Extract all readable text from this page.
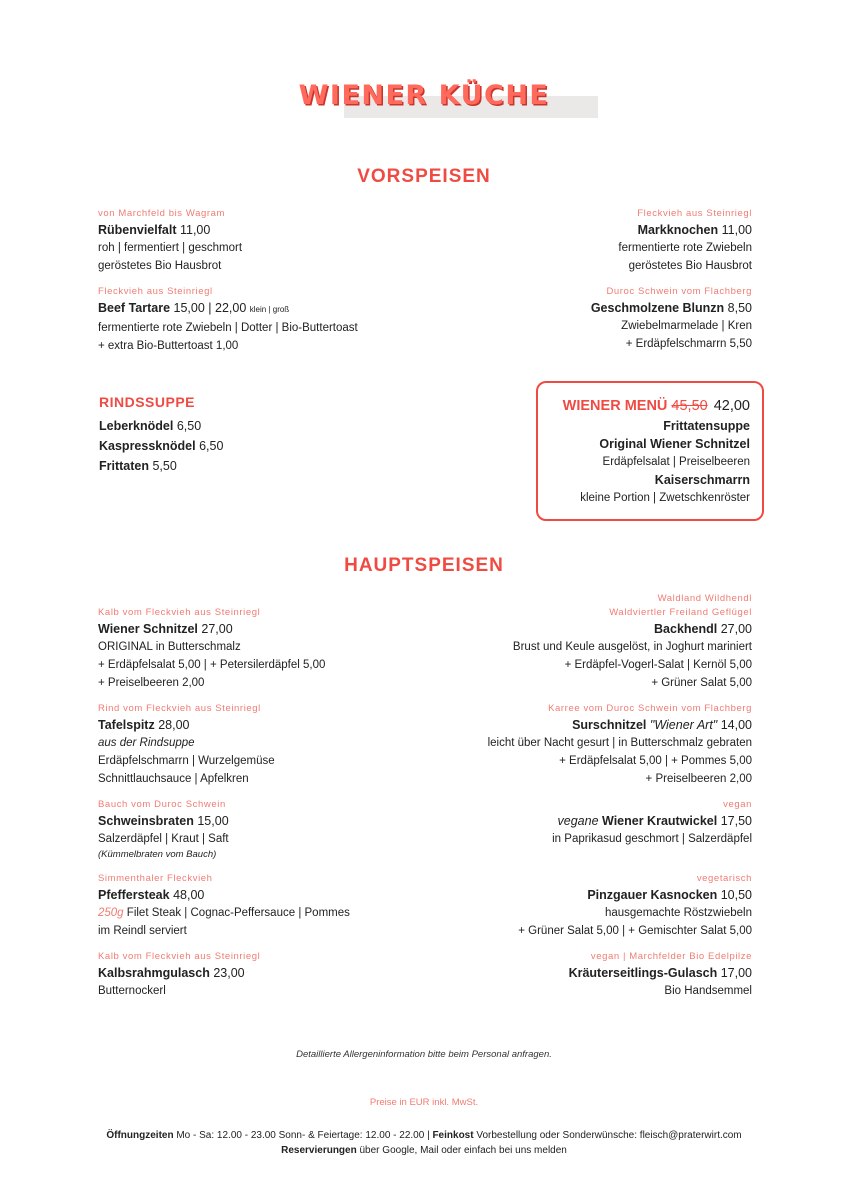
WIENER KÜCHE
VORSPEISEN
von Marchfeld bis Wagram
Rübenvielfalt 11,00
roh | fermentiert | geschmort
geröstetes Bio Hausbrot
Fleckvieh aus Steinriegl
Markknochen 11,00
fermentierte rote Zwiebeln
geröstetes Bio Hausbrot
Fleckvieh aus Steinriegl
Beef Tartare 15,00 | 22,00 klein | groß
fermentierte rote Zwiebeln | Dotter | Bio-Buttertoast
+ extra Bio-Buttertoast 1,00
Duroc Schwein vom Flachberg
Geschmolzene Blunzn 8,50
Zwiebelmarmelade | Kren
+ Erdäpfelschmarrn 5,50
RINDSSUPPE
Leberknödel 6,50
Kaspressknödel 6,50
Frittaten 5,50
WIENER MENÜ 45,50 42,00
Frittatensuppe
Original Wiener Schnitzel
Erdäpfelsalat | Preiselbeeren
Kaiserschmarrn
kleine Portion | Zwetschkenröster
HAUPTSPEISEN
Kalb vom Fleckvieh aus Steinriegl
Wiener Schnitzel 27,00
ORIGINAL in Butterschmalz
+ Erdäpfelsalat 5,00 | + Petersilerdäpfel 5,00
+ Preiselbeeren 2,00
Waldland Wildhendl
Waldviertler Freiland Geflügel
Backhendl 27,00
Brust und Keule ausgelöst, in Joghurt mariniert
+ Erdäpfel-Vogerl-Salat | Kernöl 5,00
+ Grüner Salat 5,00
Rind vom Fleckvieh aus Steinriegl
Tafelspitz 28,00
aus der Rindsuppe
Erdäpfelschmarrn | Wurzelgemüse
Schnittlauchsauce | Apfelkren
Karree vom Duroc Schwein vom Flachberg
Surschnitzel "Wiener Art" 14,00
leicht über Nacht gesurt | in Butterschmalz gebraten
+ Erdäpfelsalat 5,00 | + Pommes 5,00
+ Preiselbeeren 2,00
Bauch vom Duroc Schwein
Schweinsbraten 15,00
Salzerdäpfel | Kraut | Saft
(Kümmelbraten vom Bauch)
vegan
vegane Wiener Krautwickel 17,50
in Paprikasud geschmort | Salzerdäpfel
Simmenthaler Fleckvieh
Pfeffersteak 48,00
250g Filet Steak | Cognac-Peffersauce | Pommes
im Reindl serviert
vegetarisch
Pinzgauer Kasnocken 10,50
hausgemachte Röstzwiebeln
+ Grüner Salat 5,00 | + Gemischter Salat 5,00
Kalb vom Fleckvieh aus Steinriegl
Kalbsrahmgulasch 23,00
Butternockerl
vegan | Marchfelder Bio Edelpilze
Kräuterseitlings-Gulasch 17,00
Bio Handsemmel
Detaillierte Allergeninformation bitte beim Personal anfragen.
Preise in EUR inkl. MwSt.
Öffnungzeiten Mo - Sa: 12.00 - 23.00 Sonn- & Feiertage: 12.00 - 22.00 | Feinkost Vorbestellung oder Sonderwünsche: fleisch@praterwirt.com
Reservierungen über Google, Mail oder einfach bei uns melden
